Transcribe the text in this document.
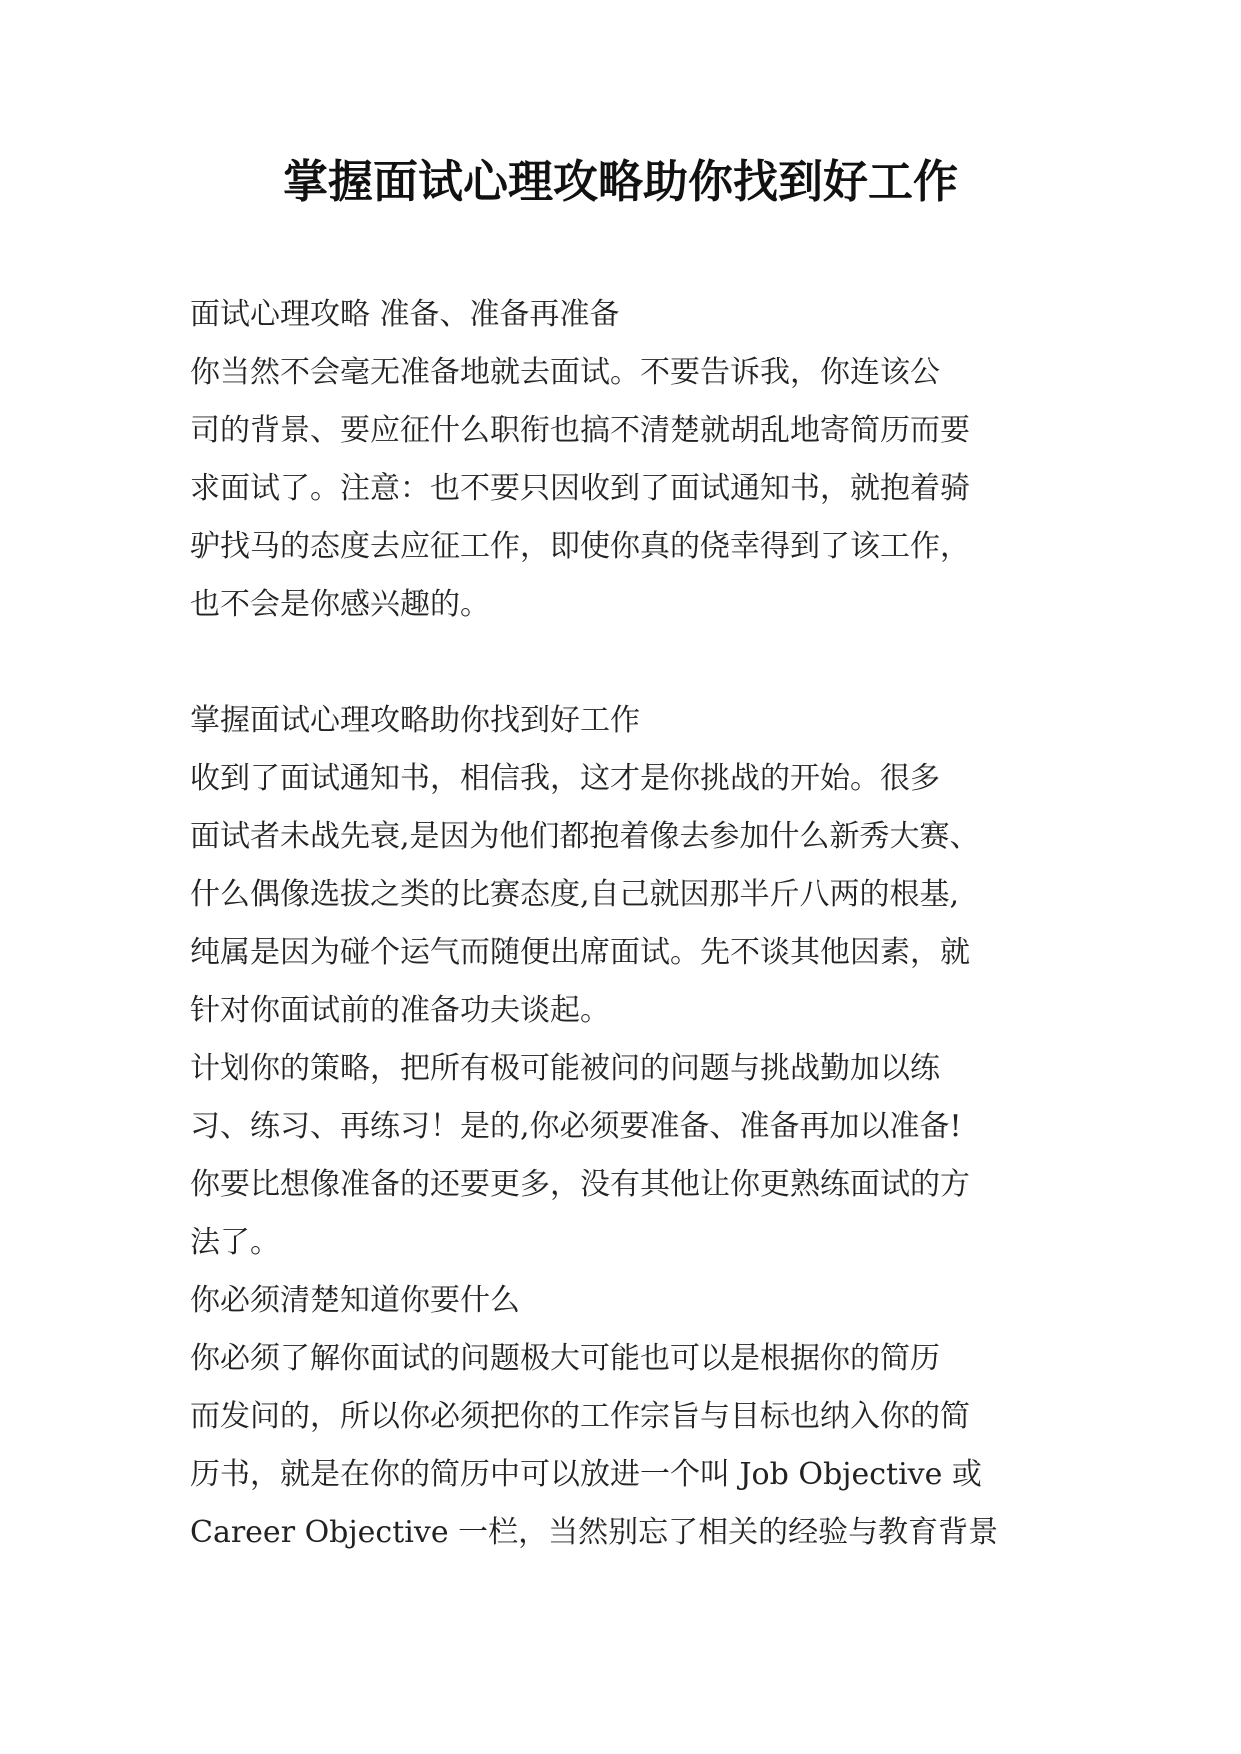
掌握面试心理攻略助你找到好工作
面试心理攻略 准备、准备再准备
你当然不会毫无准备地就去面试。不要告诉我，你连该公
司的背景、要应征什么职衔也搞不清楚就胡乱地寄简历而要
求面试了。注意：也不要只因收到了面试通知书，就抱着骑
驴找马的态度去应征工作，即使你真的侥幸得到了该工作，
也不会是你感兴趣的。
掌握面试心理攻略助你找到好工作
收到了面试通知书，相信我，这才是你挑战的开始。很多
面试者未战先衰,是因为他们都抱着像去参加什么新秀大赛、
什么偶像选拔之类的比赛态度,自己就因那半斤八两的根基,
纯属是因为碰个运气而随便出席面试。先不谈其他因素，就
针对你面试前的准备功夫谈起。
计划你的策略，把所有极可能被问的问题与挑战勤加以练
习、练习、再练习！是的,你必须要准备、准备再加以准备!
你要比想像准备的还要更多，没有其他让你更熟练面试的方
法了。
你必须清楚知道你要什么
你必须了解你面试的问题极大可能也可以是根据你的简历
而发问的，所以你必须把你的工作宗旨与目标也纳入你的简
历书，就是在你的简历中可以放进一个叫 Job Objective 或
Career Objective 一栏，当然别忘了相关的经验与教育背景
